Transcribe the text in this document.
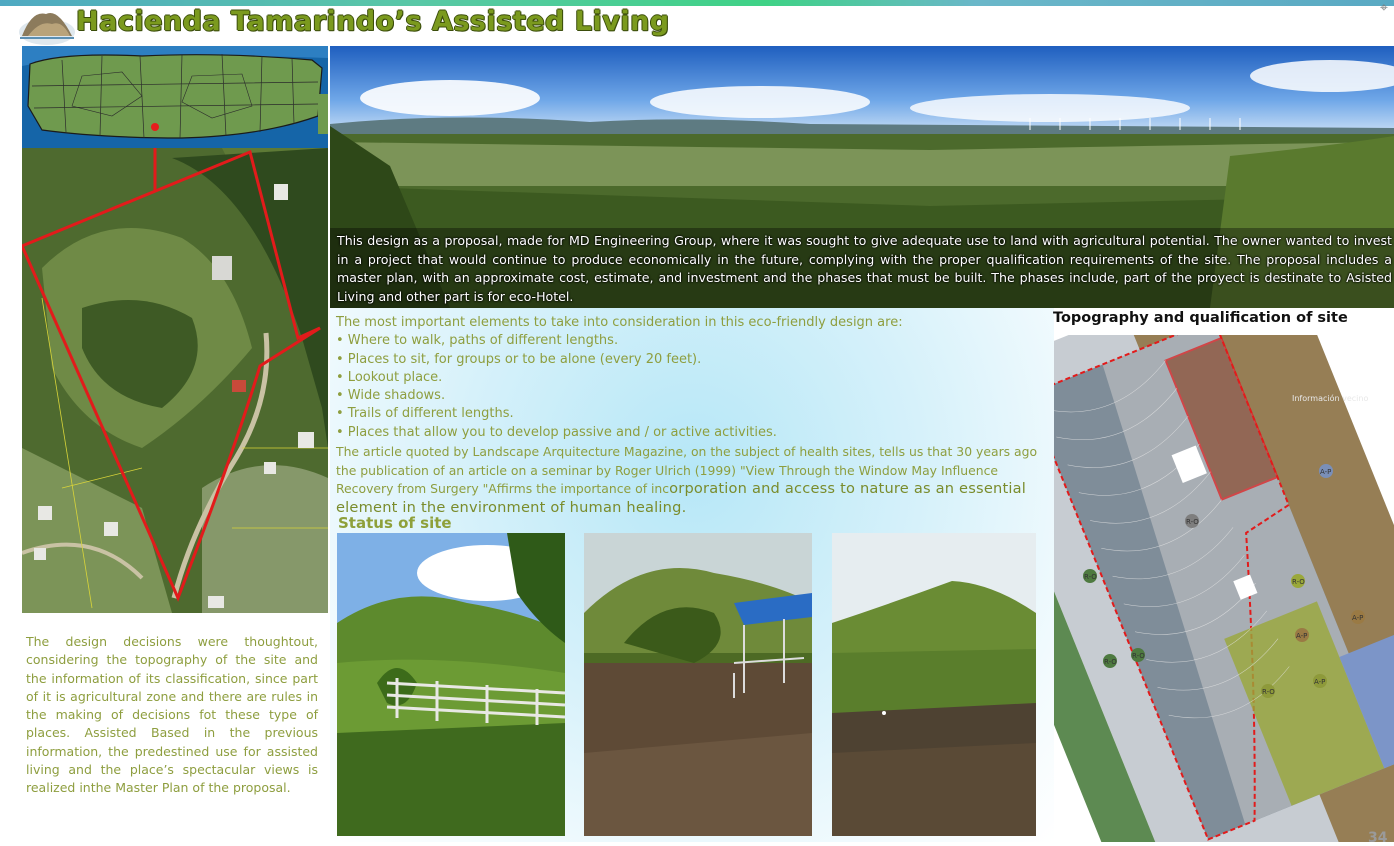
Hacienda Tamarindo’s Assisted Living	⌖
This design as a proposal, made for MD Engineering Group, where it was sought to give adequate use to land with agricultural potential. The owner wanted to invest in a project that would continue to produce economically in the future, complying with the proper qualification requirements of the site. The proposal includes a master plan, with an approximate cost, estimate, and investment and the phases that must be built. The phases include, part of the proyect is destinate to Asisted Living and other part is for eco-Hotel.
The most important elements to take into consideration in this eco-friendly design are:
• Where to walk, paths of different lengths.
• Places to sit, for groups or to be alone (every 20 feet).
• Lookout place.
• Wide shadows.
• Trails of different lengths.
• Places that allow you to develop passive and / or active activities.
The article quoted by Landscape Arquitecture Magazine, on the subject of health sites, tells us that 30 years ago the publication of an article on a seminar by Roger Ulrich (1999) "View Through the Window May Influence Recovery from Surgery "Affirms the importance of incorporation and access to nature as an essential element in the environment of human healing.
Status of site
The design decisions were thoughtout, considering the topography of the site and the information of its classification, since part of it is agricultural zone and there are rules in the making of decisions fot these type of places. Assisted Based in the previous information, the predestined use for assisted living and the place’s spectacular views is realized inthe Master Plan of the proposal.
Topography and qualification of site
R-O
R-O
R-O
R-O
R-O
A-P
A-P
A-P
R-O
A-P
Información vecino
34
